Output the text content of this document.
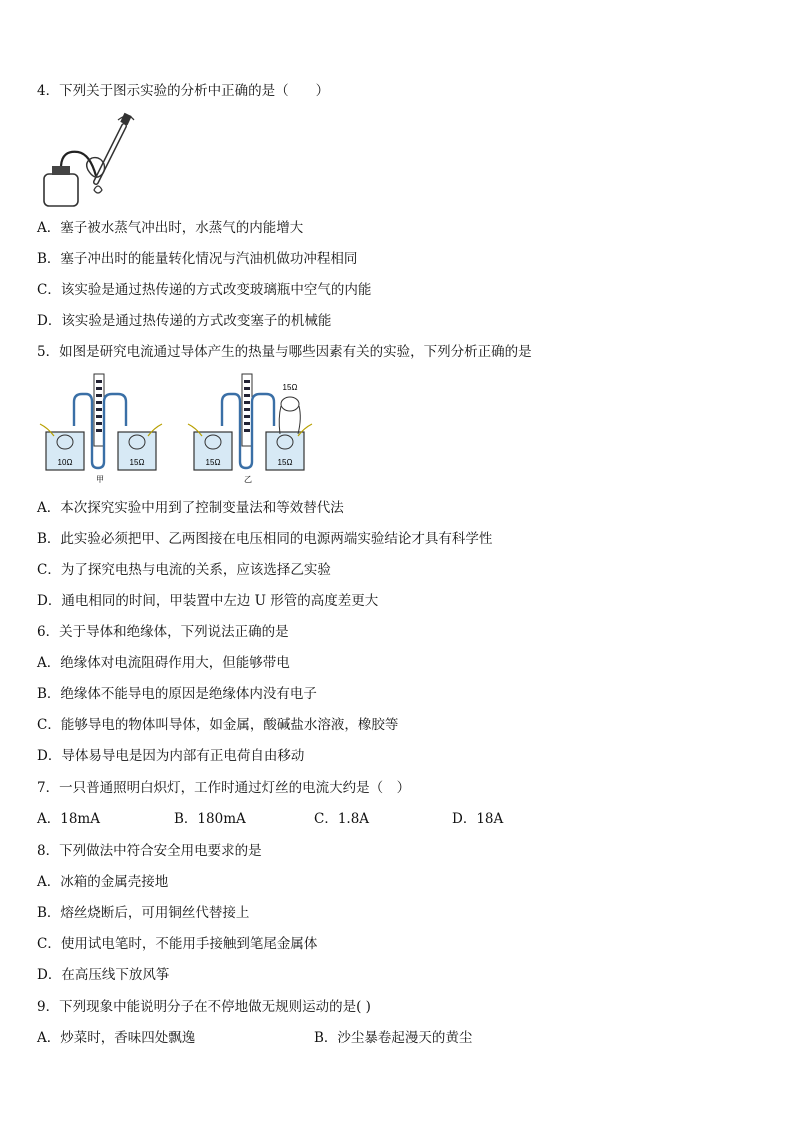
4．下列关于图示实验的分析中正确的是（　　）
A．塞子被水蒸气冲出时，水蒸气的内能增大
B．塞子冲出时的能量转化情况与汽油机做功冲程相同
C．该实验是通过热传递的方式改变玻璃瓶中空气的内能
D．该实验是通过热传递的方式改变塞子的机械能
5．如图是研究电流通过导体产生的热量与哪些因素有关的实验，下列分析正确的是
10Ω	15Ω
甲
15Ω
15Ω	15Ω
乙
A．本次探究实验中用到了控制变量法和等效替代法
B．此实验必须把甲、乙两图接在电压相同的电源两端实验结论才具有科学性
C．为了探究电热与电流的关系，应该选择乙实验
D．通电相同的时间，甲装置中左边 U 形管的高度差更大
6．关于导体和绝缘体，下列说法正确的是
A．绝缘体对电流阻碍作用大，但能够带电
B．绝缘体不能导电的原因是绝缘体内没有电子
C．能够导电的物体叫导体，如金属，酸碱盐水溶液，橡胶等
D．导体易导电是因为内部有正电荷自由移动
7．一只普通照明白炽灯，工作时通过灯丝的电流大约是（　）
A．18mA	B．180mA	C．1.8A	D．18A
8．下列做法中符合安全用电要求的是
A．冰箱的金属壳接地
B．熔丝烧断后，可用铜丝代替接上
C．使用试电笔时，不能用手接触到笔尾金属体
D．在高压线下放风筝
9．下列现象中能说明分子在不停地做无规则运动的是( )
A．炒菜时，香味四处飘逸	B．沙尘暴卷起漫天的黄尘
